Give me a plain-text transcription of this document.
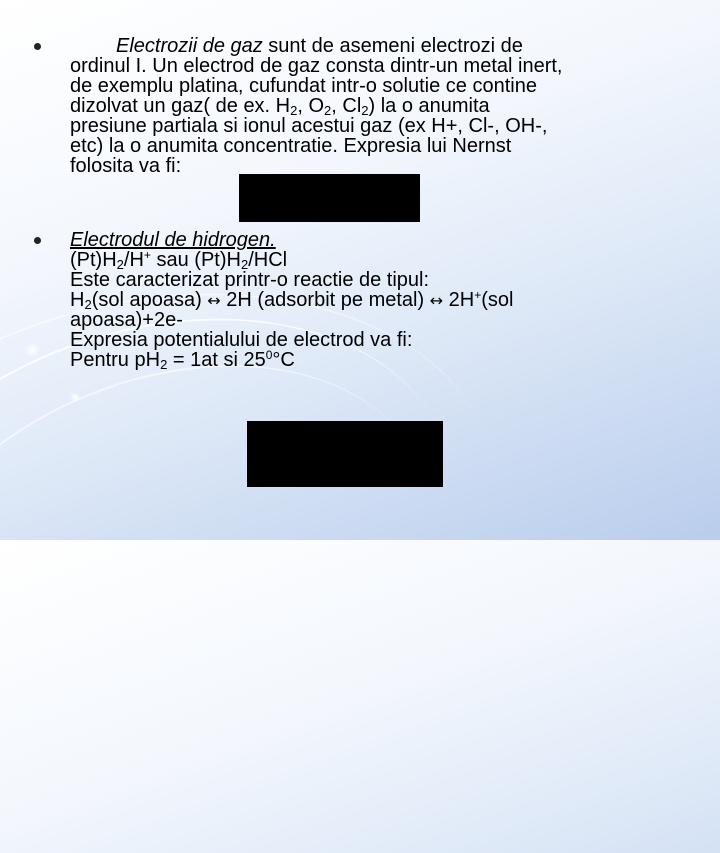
Electrozii de gaz sunt de asemeni electrozi de
ordinul I. Un electrod de gaz consta dintr-un metal inert,
de exemplu platina, cufundat intr-o solutie ce contine
dizolvat un gaz( de ex. $H_2$, $O_2$, $Cl_2$) la o anumita
presiune partiala si ionul acestui gaz (ex H+, Cl-, OH-,
etc) la o anumita concentratie. Expresia lui Nernst
folosita va fi:
Electrodul de hidrogen.
$(Pt)H_2/H^+$ sau $(Pt)H_2$/HCl
Este caracterizat printr-o reactie de tipul:
$H_2(sol$ apoasa) ↔ 2H (adsorbit pe metal) ↔ 2H+(sol
apoasa)+2e-
Expresia potentialului de electrod va fi:
Pentru $pH_2 = 1at$ si $25^0^\circ C$
